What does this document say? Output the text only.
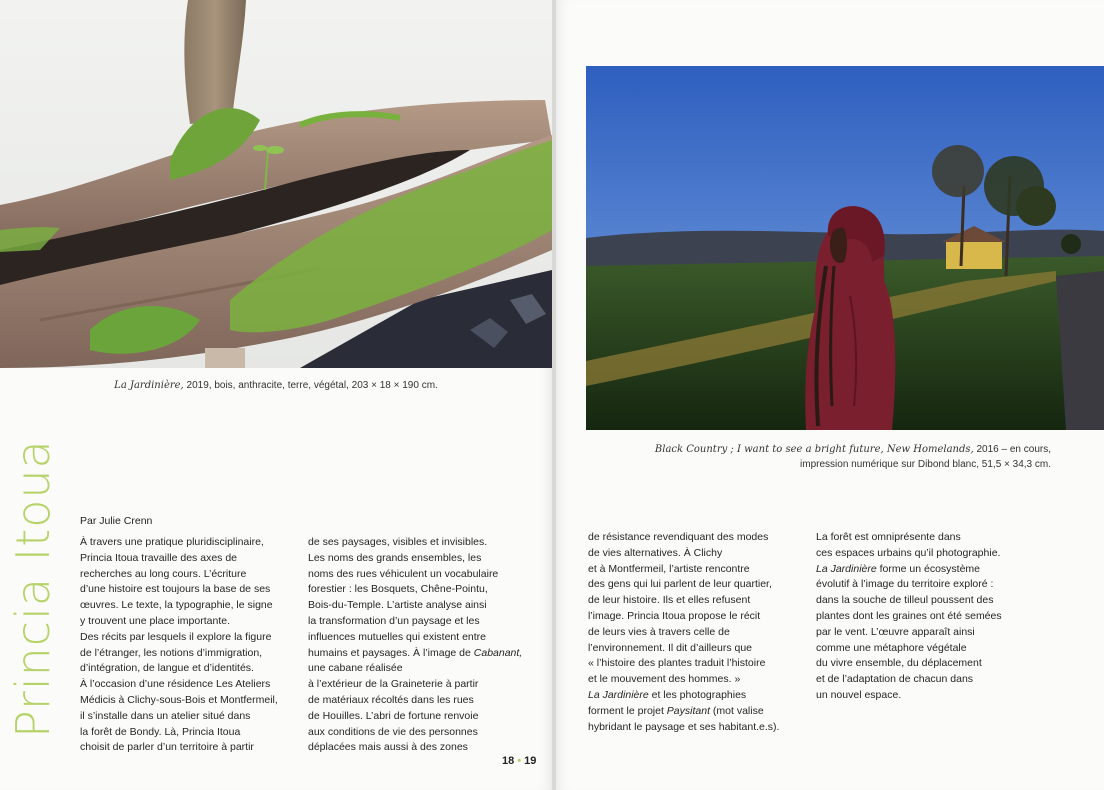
La Jardinière, 2019, bois, anthracite, terre, végétal, 203 × 18 × 190 cm.
Princia Itoua Par Julie Crenn

À travers une pratique pluridisciplinaire,
Princia Itoua travaille des axes de
recherches au long cours. L’écriture
d’une histoire est toujours la base de ses
œuvres. Le texte, la typographie, le signe
y trouvent une place importante.

Des récits par lesquels il explore la figure
de l’étranger, les notions d’immigration,
d’intégration, de langue et d’identités.

À l’occasion d’une résidence Les Ateliers
Médicis à Clichy-sous-Bois et Montfermeil,
il s’installe dans un atelier situé dans
la forêt de Bondy. Là, Princia Itoua
choisit de parler d’un territoire à partir

de ses paysages, visibles et invisibles.
Les noms des grands ensembles, les
noms des rues véhiculent un vocabulaire
forestier : les Bosquets, Chêne-Pointu,
Bois-du-Temple. L’artiste analyse ainsi
la transformation d’un paysage et les
influences mutuelles qui existent entre
humains et paysages. À l’image de Cabanant, une cabane réalisée
à l’extérieur de la Graineterie à partir
de matériaux récoltés dans les rues
de Houilles. L’abri de fortune renvoie
aux conditions de vie des personnes
déplacées mais aussi à des zones

18 • 19
Black Country ; I want to see a bright future, New Homelands, 2016 – en cours,
impression numérique sur Dibond blanc, 51,5 × 34,3 cm.

de résistance revendiquant des modes
de vies alternatives. À Clichy
et à Montfermeil, l’artiste rencontre
des gens qui lui parlent de leur quartier,
de leur histoire. Ils et elles refusent
l’image. Princia Itoua propose le récit
de leurs vies à travers celle de
l’environnement. Il dit d’ailleurs que
« l’histoire des plantes traduit l’histoire
et le mouvement des hommes. »
La Jardinière et les photographies
forment le projet Paysitant (mot valise
hybridant le paysage et ses habitant.e.s).

La forêt est omniprésente dans
ces espaces urbains qu’il photographie.
La Jardinière forme un écosystème
évolutif à l’image du territoire exploré :
dans la souche de tilleul poussent des
plantes dont les graines ont été semées
par le vent. L’œuvre apparaît ainsi
comme une métaphore végétale
du vivre ensemble, du déplacement
et de l’adaptation de chacun dans
un nouvel espace.
